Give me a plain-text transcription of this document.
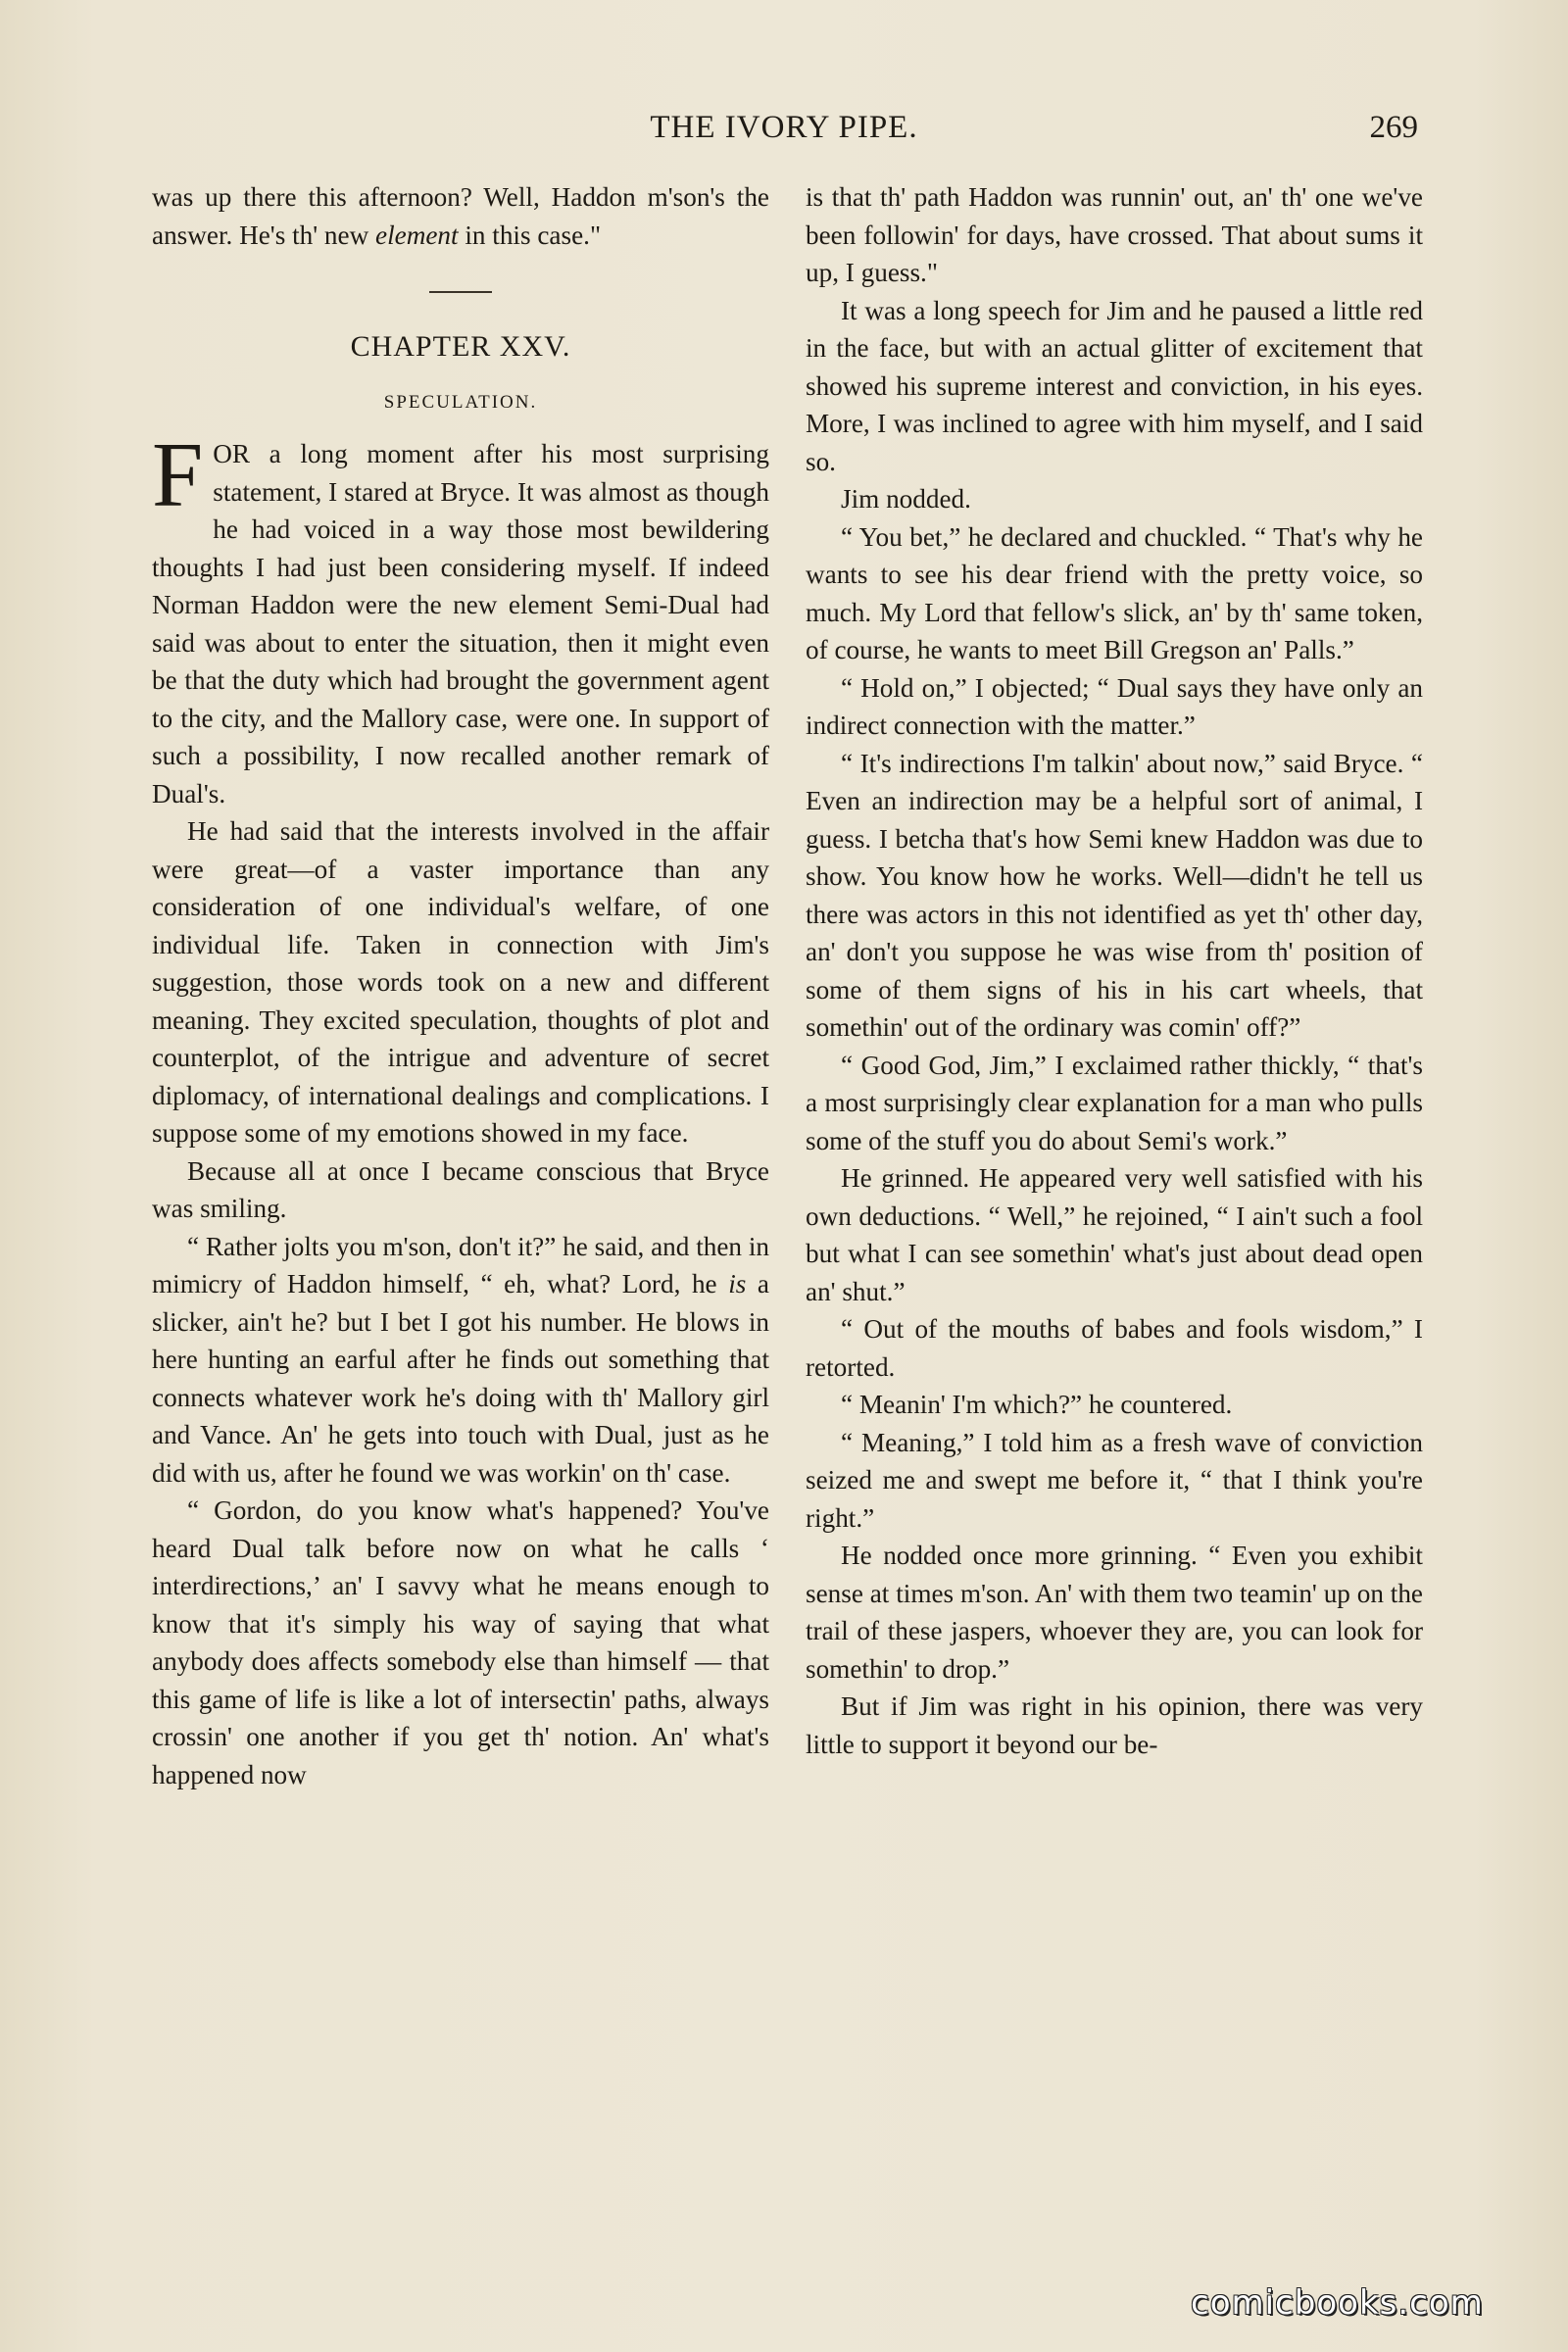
THE IVORY PIPE.	269

was up there this afternoon? Well, Haddon m'son's the answer. He's th' new element in this case."

CHAPTER XXV.

SPECULATION.

FOR a long moment after his most surprising statement, I stared at Bryce. It was almost as though he had voiced in a way those most bewildering thoughts I had just been considering myself. If indeed Norman Haddon were the new element Semi-Dual had said was about to enter the situation, then it might even be that the duty which had brought the government agent to the city, and the Mallory case, were one. In support of such a possibility, I now recalled another remark of Dual's.

He had said that the interests involved in the affair were great—of a vaster importance than any consideration of one individual's welfare, of one individual life. Taken in connection with Jim's suggestion, those words took on a new and different meaning. They excited speculation, thoughts of plot and counterplot, of the intrigue and adventure of secret diplomacy, of international dealings and complications. I suppose some of my emotions showed in my face.

Because all at once I became conscious that Bryce was smiling.

“ Rather jolts you m'son, don't it?” he said, and then in mimicry of Haddon himself, “ eh, what? Lord, he is a slicker, ain't he? but I bet I got his number. He blows in here hunting an earful after he finds out something that connects whatever work he's doing with th' Mallory girl and Vance. An' he gets into touch with Dual, just as he did with us, after he found we was workin' on th' case.

“ Gordon, do you know what's happened? You've heard Dual talk before now on what he calls ‘ interdirections,’ an' I savvy what he means enough to know that it's simply his way of saying that what anybody does affects somebody else than himself — that this game of life is like a lot of intersectin' paths, always crossin' one another if you get th' notion. An' what's happened now

is that th' path Haddon was runnin' out, an' th' one we've been followin' for days, have crossed. That about sums it up, I guess."

It was a long speech for Jim and he paused a little red in the face, but with an actual glitter of excitement that showed his supreme interest and conviction, in his eyes. More, I was inclined to agree with him myself, and I said so.

Jim nodded.

“ You bet,” he declared and chuckled. “ That's why he wants to see his dear friend with the pretty voice, so much. My Lord that fellow's slick, an' by th' same token, of course, he wants to meet Bill Gregson an' Palls.”

“ Hold on,” I objected; “ Dual says they have only an indirect connection with the matter.”

“ It's indirections I'm talkin' about now,” said Bryce. “ Even an indirection may be a helpful sort of animal, I guess. I betcha that's how Semi knew Haddon was due to show. You know how he works. Well—didn't he tell us there was actors in this not identified as yet th' other day, an' don't you suppose he was wise from th' position of some of them signs of his in his cart wheels, that somethin' out of the ordinary was comin' off?”

“ Good God, Jim,” I exclaimed rather thickly, “ that's a most surprisingly clear explanation for a man who pulls some of the stuff you do about Semi's work.”

He grinned. He appeared very well satisfied with his own deductions. “ Well,” he rejoined, “ I ain't such a fool but what I can see somethin' what's just about dead open an' shut.”

“ Out of the mouths of babes and fools wisdom,” I retorted.

“ Meanin' I'm which?” he countered.

“ Meaning,” I told him as a fresh wave of conviction seized me and swept me before it, “ that I think you're right.”

He nodded once more grinning. “ Even you exhibit sense at times m'son. An' with them two teamin' up on the trail of these jaspers, whoever they are, you can look for somethin' to drop.”

But if Jim was right in his opinion, there was very little to support it beyond our be-

comicbooks.com
